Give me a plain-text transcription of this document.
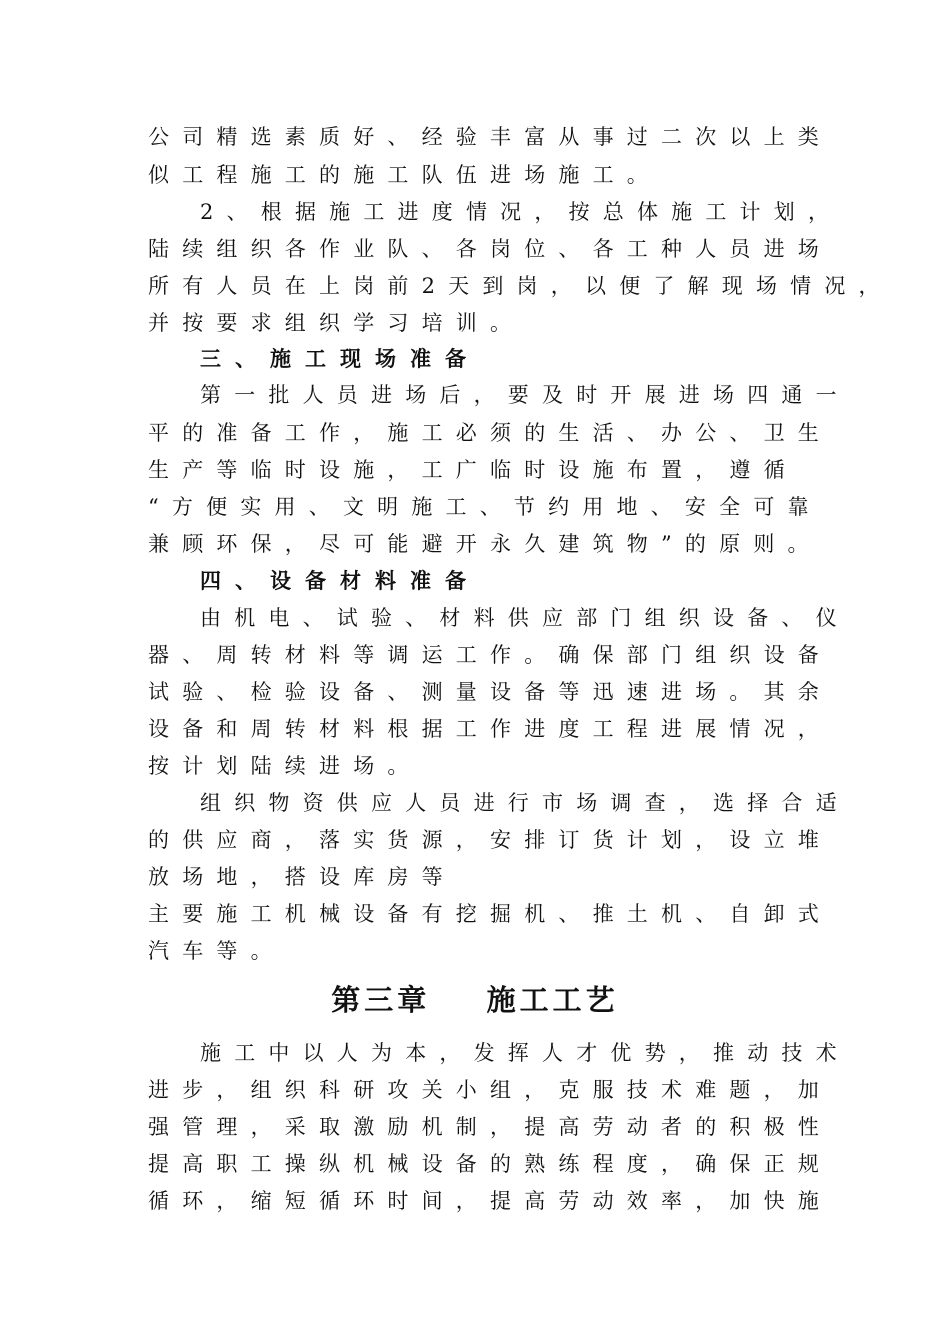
公司精选素质好、经验丰富从事过二次以上类
似工程施工的施工队伍进场施工。
2、根据施工进度情况，按总体施工计划，
陆续组织各作业队、各岗位、各工种人员进场
所有人员在上岗前2天到岗，以便了解现场情况，
并按要求组织学习培训。
三、施工现场准备
第一批人员进场后，要及时开展进场四通一
平的准备工作，施工必须的生活、办公、卫生
生产等临时设施，工广临时设施布置，遵循
“方便实用、文明施工、节约用地、安全可靠
兼顾环保，尽可能避开永久建筑物”的原则。
四、设备材料准备
由机电、试验、材料供应部门组织设备、仪
器、周转材料等调运工作。确保部门组织设备
试验、检验设备、测量设备等迅速进场。其余
设备和周转材料根据工作进度工程进展情况，
按计划陆续进场。
组织物资供应人员进行市场调查，选择合适
的供应商，落实货源，安排订货计划，设立堆
放场地，搭设库房等
主要施工机械设备有挖掘机、推土机、自卸式
汽车等。
第三章    施工工艺
施工中以人为本，发挥人才优势，推动技术
进步，组织科研攻关小组，克服技术难题，加
强管理，采取激励机制，提高劳动者的积极性
提高职工操纵机械设备的熟练程度，确保正规
循环，缩短循环时间，提高劳动效率，加快施
